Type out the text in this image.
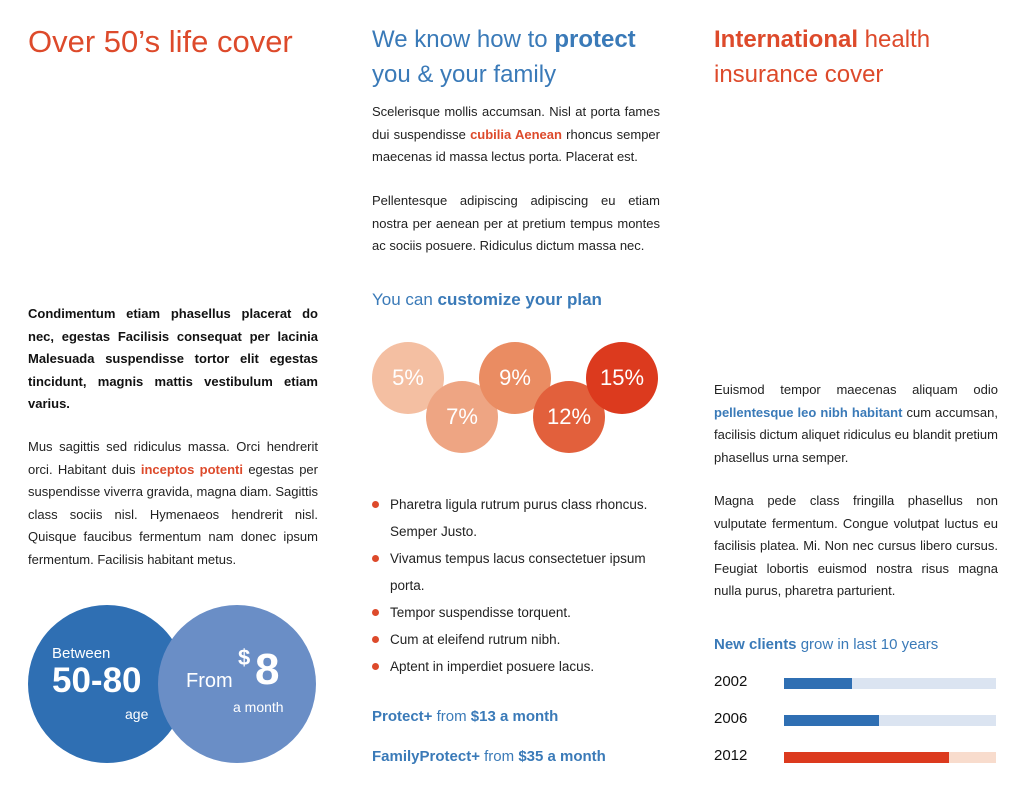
Over 50’s life cover

Condimentum etiam phasellus placerat do nec, egestas Facilisis consequat per lacinia Malesuada suspendisse tortor elit egestas tincidunt, magnis mattis vestibulum etiam varius.

Mus sagittis sed ridiculus massa. Orci hendrerit orci. Habitant duis inceptos potenti egestas per suspendisse viverra gravida, magna diam. Sagittis class sociis nisl. Hymenaeos hendrerit nisl. Quisque faucibus fermentum nam donec ipsum fermentum. Facilisis habitant metus.

Between
50-80
age
From
$ 8
a month
We know how to protect
you & your family

Scelerisque mollis accumsan. Nisl at porta fames dui suspendisse cubilia Aenean rhoncus semper maecenas id massa lectus porta. Placerat est.

Pellentesque adipiscing adipiscing eu etiam nostra per aenean per at pretium tempus montes ac sociis posuere. Ridiculus dictum massa nec.

You can customize your plan
5%
7%
9%
12%
15%
Pharetra ligula rutrum purus class rhoncus. Semper Justo.
Vivamus tempus lacus consectetuer ipsum porta.
Tempor suspendisse torquent.
Cum at eleifend rutrum nibh.
Aptent in imperdiet posuere lacus.
Protect+ from $13 a month
FamilyProtect+ from $35 a month
International health
insurance cover

Euismod tempor maecenas aliquam odio pellentesque leo nibh habitant cum accumsan, facilisis dictum aliquet ridiculus eu blandit pretium phasellus urna semper.

Magna pede class fringilla phasellus non vulputate fermentum. Congue volutpat luctus eu facilisis platea. Mi. Non nec cursus libero cursus. Feugiat lobortis euismod nostra risus magna nulla purus, pharetra parturient.

New clients grow in last 10 years
2002
2006
2012
